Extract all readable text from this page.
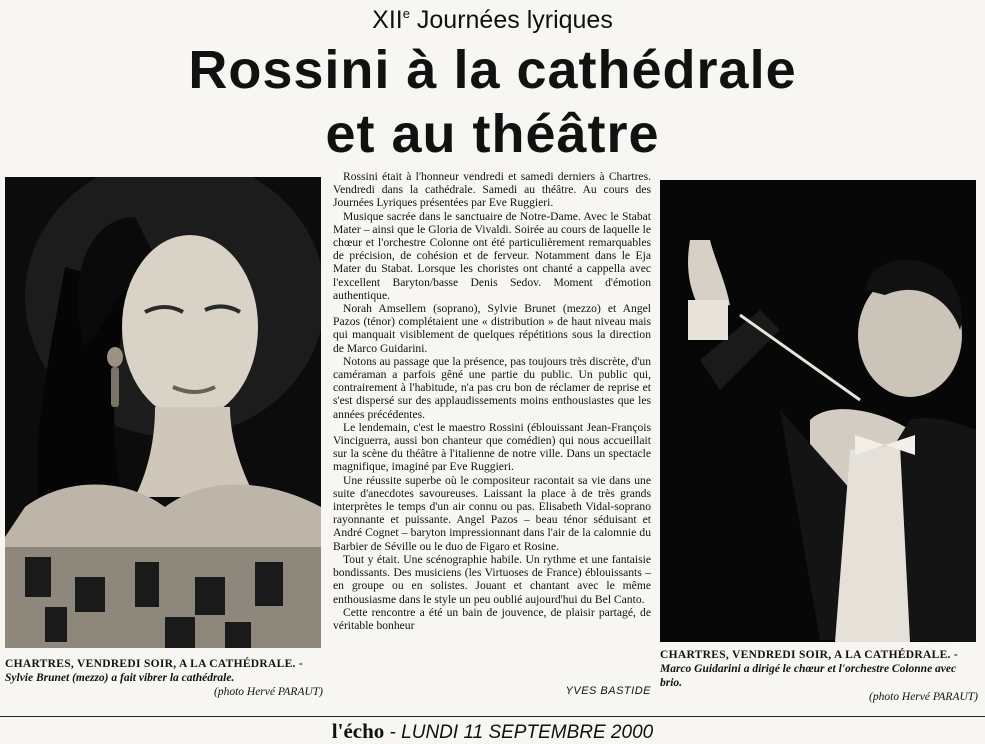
XIIe Journées lyriques
Rossini à la cathédrale
et au théâtre
CHARTRES, VENDREDI SOIR, A LA CATHÉDRALE. -
Sylvie Brunet (mezzo) a fait vibrer la cathédrale.
(photo Hervé PARAUT)

Rossini était à l'honneur vendredi et samedi derniers à Chartres. Vendredi dans la cathédrale. Samedi au théâtre. Au cours des Journées Lyriques présentées par Eve Ruggieri.

Musique sacrée dans le sanctuaire de Notre-Dame. Avec le Stabat Mater – ainsi que le Gloria de Vivaldi. Soirée au cours de laquelle le chœur et l'orchestre Colonne ont été particulièrement remarquables de précision, de cohésion et de ferveur. Notamment dans le Eja Mater du Stabat. Lorsque les choristes ont chanté a cappella avec l'excellent Baryton/basse Denis Sedov. Moment d'émotion authentique.

Norah Amsellem (soprano), Sylvie Brunet (mezzo) et Angel Pazos (ténor) complétaient une « distribution » de haut niveau mais qui manquait visiblement de quelques répétitions sous la direction de Marco Guidarini.

Notons au passage que la présence, pas toujours très discrète, d'un caméraman a parfois gêné une partie du public. Un public qui, contrairement à l'habitude, n'a pas cru bon de réclamer de reprise et s'est dispersé sur des applaudissements moins enthousiastes que les années précédentes.

Le lendemain, c'est le maestro Rossini (éblouissant Jean-François Vinciguerra, aussi bon chanteur que comédien) qui nous accueillait sur la scène du théâtre à l'italienne de notre ville. Dans un spectacle magnifique, imaginé par Eve Ruggieri.

Une réussite superbe où le compositeur racontait sa vie dans une suite d'anecdotes savoureuses. Laissant la place à de très grands interprètes le temps d'un air connu ou pas. Elisabeth Vidal-soprano rayonnante et puissante. Angel Pazos – beau ténor séduisant et André Cognet – baryton impressionnant dans l'air de la calomnie du Barbier de Séville ou le duo de Figaro et Rosine.

Tout y était. Une scénographie habile. Un rythme et une fantaisie bondissants. Des musiciens (les Virtuoses de France) éblouissants – en groupe ou en solistes. Jouant et chantant avec le même enthousiasme dans le style un peu oublié aujourd'hui du Bel Canto.

Cette rencontre a été un bain de jouvence, de plaisir partagé, de véritable bonheur

YVES BASTIDE
CHARTRES, VENDREDI SOIR, A LA CATHÉDRALE. -
Marco Guidarini a dirigé le chœur et l'orchestre Colonne avec brio.
(photo Hervé PARAUT)
l'écho - LUNDI 11 SEPTEMBRE 2000
